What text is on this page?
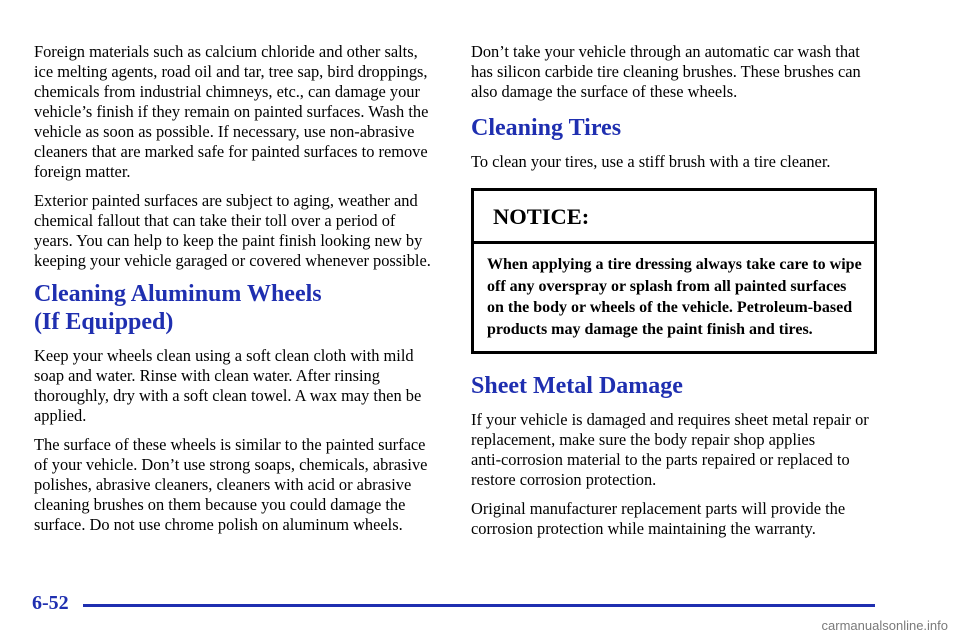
Foreign materials such as calcium chloride and other salts, ice melting agents, road oil and tar, tree sap, bird droppings, chemicals from industrial chimneys, etc., can damage your vehicle’s finish if they remain on painted surfaces. Wash the vehicle as soon as possible. If necessary, use non‑abrasive cleaners that are marked safe for painted surfaces to remove foreign matter.

Exterior painted surfaces are subject to aging, weather and chemical fallout that can take their toll over a period of years. You can help to keep the paint finish looking new by keeping your vehicle garaged or covered whenever possible.

Cleaning Aluminum Wheels
(If Equipped)

Keep your wheels clean using a soft clean cloth with mild soap and water. Rinse with clean water. After rinsing thoroughly, dry with a soft clean towel. A wax may then be applied.

The surface of these wheels is similar to the painted surface of your vehicle. Don’t use strong soaps, chemicals, abrasive polishes, abrasive cleaners, cleaners with acid or abrasive cleaning brushes on them because you could damage the surface. Do not use chrome polish on aluminum wheels.

Don’t take your vehicle through an automatic car wash that has silicon carbide tire cleaning brushes. These brushes can also damage the surface of these wheels.

Cleaning Tires

To clean your tires, use a stiff brush with a tire cleaner.

NOTICE:
When applying a tire dressing always take care to wipe off any overspray or splash from all painted surfaces on the body or wheels of the vehicle. Petroleum‑based products may damage the paint finish and tires.
Sheet Metal Damage

If your vehicle is damaged and requires sheet metal repair or replacement, make sure the body repair shop applies anti‑corrosion material to the parts repaired or replaced to restore corrosion protection.

Original manufacturer replacement parts will provide the corrosion protection while maintaining the warranty.

6-52
carmanualsonline.info
